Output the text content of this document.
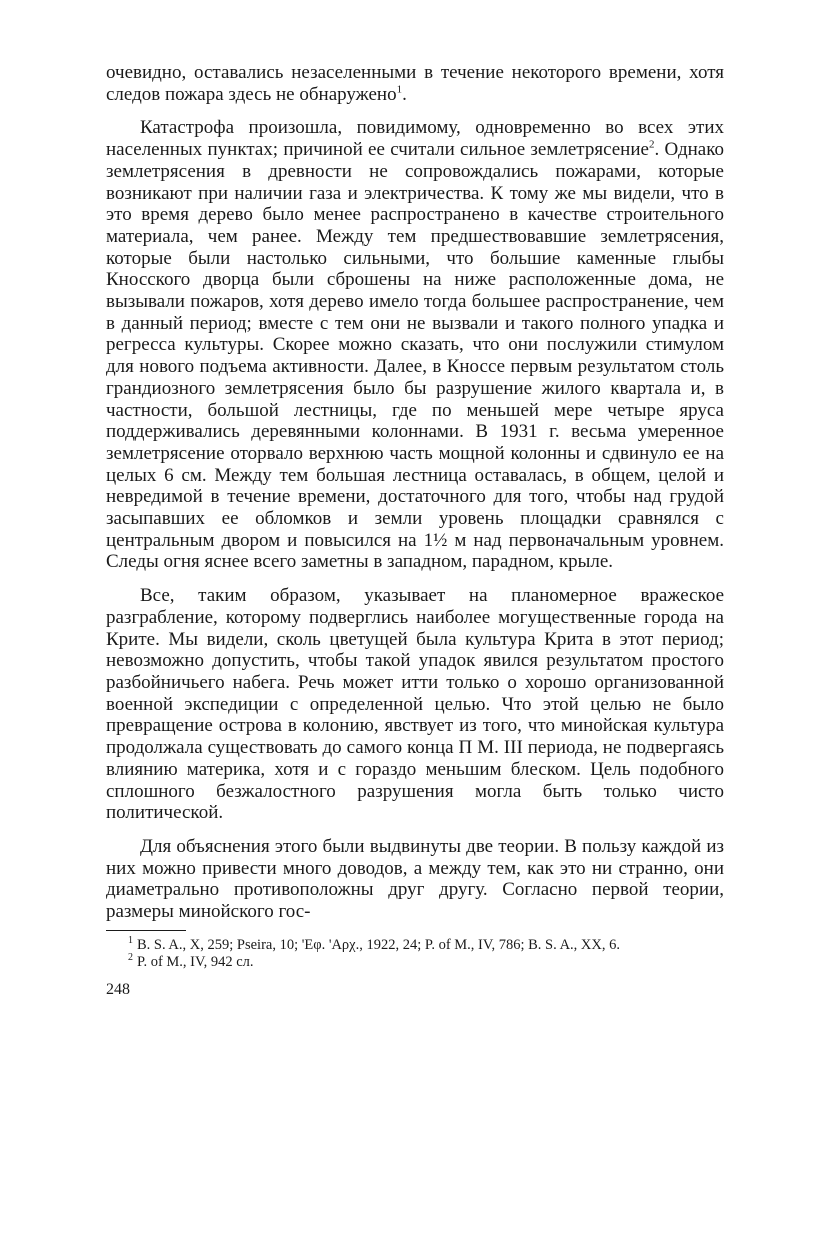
очевидно, оставались незаселенными в течение некоторого времени, хотя следов пожара здесь не обнаружено$^1$.

Катастрофа произошла, повидимому, одновременно во всех этих населенных пунктах; причиной ее считали сильное землетрясение$^2$. Однако землетрясения в древности не сопровождались пожарами, которые возникают при наличии газа и электричества. К тому же мы видели, что в это время дерево было менее распространено в качестве строительного материала, чем ранее. Между тем предшествовавшие землетрясения, которые были настолько сильными, что большие каменные глыбы Кносского дворца были сброшены на ниже расположенные дома, не вызывали пожаров, хотя дерево имело тогда большее распространение, чем в данный период; вместе с тем они не вызвали и такого полного упадка и регресса культуры. Скорее можно сказать, что они послужили стимулом для нового подъема активности. Далее, в Кноссе первым результатом столь грандиозного землетрясения было бы разрушение жилого квартала и, в частности, большой лестницы, где по меньшей мере четыре яруса поддерживались деревянными колоннами. В 1931 г. весьма умеренное землетрясение оторвало верхнюю часть мощной колонны и сдвинуло ее на целых 6 см. Между тем большая лестница оставалась, в общем, целой и невредимой в течение времени, достаточного для того, чтобы над грудой засыпавших ее обломков и земли уровень площадки сравнялся с центральным двором и повысился на 1½ м над первоначальным уровнем. Следы огня яснее всего заметны в западном, парадном, крыле.

Все, таким образом, указывает на планомерное вражеское разграбление, которому подверглись наиболее могущественные города на Крите. Мы видели, сколь цветущей была культура Крита в этот период; невозможно допустить, чтобы такой упадок явился результатом простого разбойничьего набега. Речь может итти только о хорошо организованной военной экспедиции с определенной целью. Что этой целью не было превращение острова в колонию, явствует из того, что минойская культура продолжала существовать до самого конца П М. III периода, не подвергаясь влиянию материка, хотя и с гораздо меньшим блеском. Цель подобного сплошного безжалостного разрушения могла быть только чисто политической.

Для объяснения этого были выдвинуты две теории. В пользу каждой из них можно привести много доводов, а между тем, как это ни странно, они диаметрально противоположны друг другу. Согласно первой теории, размеры минойского гос-

$^1$ B. S. A., X, 259; Pseira, 10; 'Εφ. 'Αρχ., 1922, 24; P. of M., IV, 786; B. S. A., XX, 6.

$^2$ P. of M., IV, 942 сл.

248
